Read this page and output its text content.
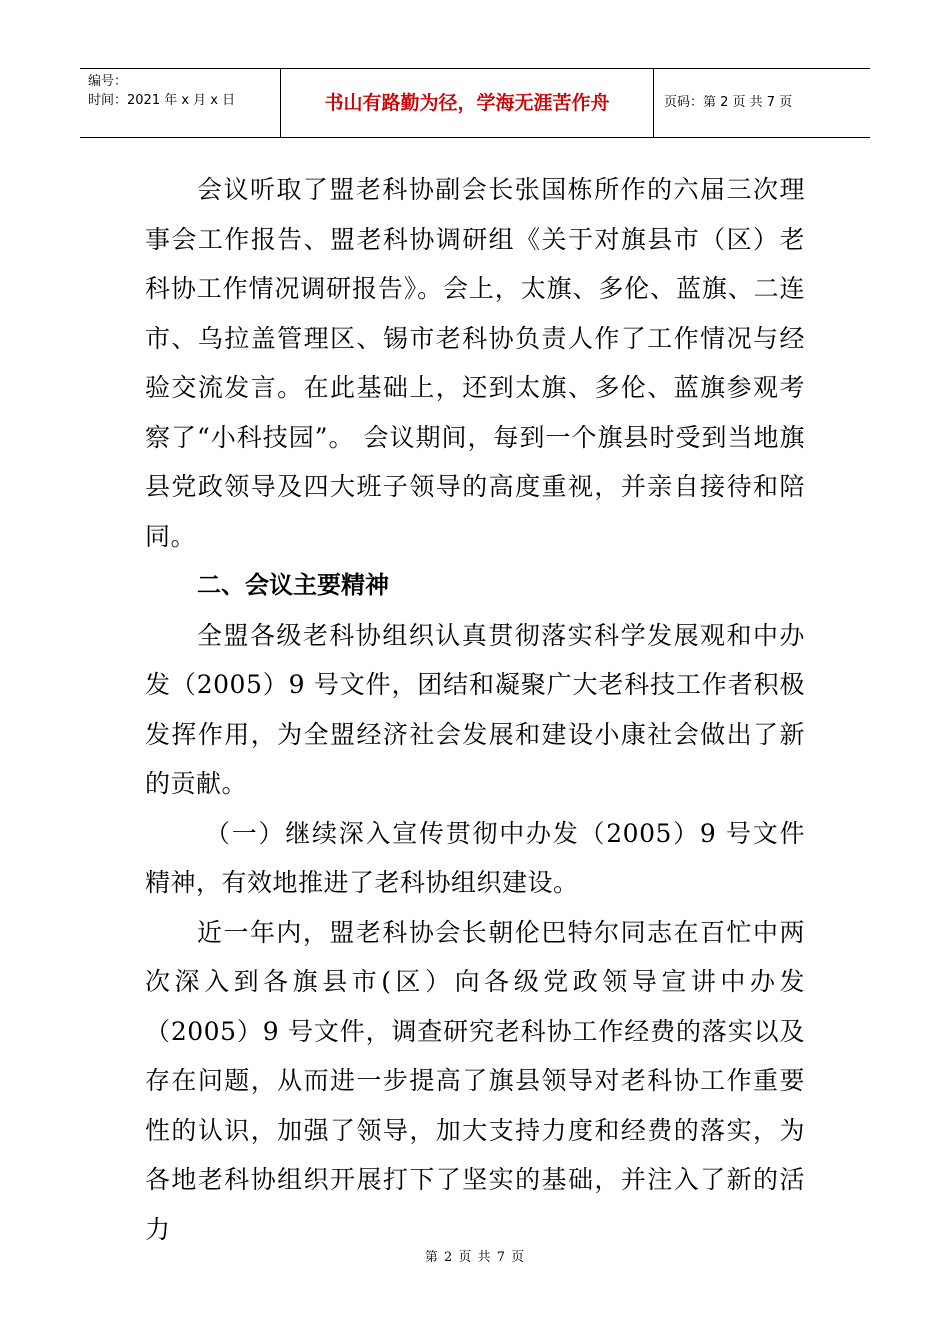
编号：
时间：2021 年 x 月 x 日	书山有路勤为径，学海无涯苦作舟	页码：第 2 页 共 7 页

会议听取了盟老科协副会长张国栋所作的六届三次理事会工作报告、盟老科协调研组《关于对旗县市（区）老科协工作情况调研报告》。会上，太旗、多伦、蓝旗、二连市、乌拉盖管理区、锡市老科协负责人作了工作情况与经验交流发言。在此基础上，还到太旗、多伦、蓝旗参观考察了“小科技园”。 会议期间，每到一个旗县时受到当地旗县党政领导及四大班子领导的高度重视，并亲自接待和陪同。

二、会议主要精神

全盟各级老科协组织认真贯彻落实科学发展观和中办发（2005）9 号文件，团结和凝聚广大老科技工作者积极发挥作用，为全盟经济社会发展和建设小康社会做出了新的贡献。

（一）继续深入宣传贯彻中办发（2005）9 号文件精神，有效地推进了老科协组织建设。

近一年内，盟老科协会长朝伦巴特尔同志在百忙中两次深入到各旗县市(区）向各级党政领导宣讲中办发（2005）9 号文件，调查研究老科协工作经费的落实以及存在问题，从而进一步提高了旗县领导对老科协工作重要性的认识，加强了领导，加大支持力度和经费的落实，为各地老科协组织开展打下了坚实的基础，并注入了新的活力

第 2 页 共 7 页
